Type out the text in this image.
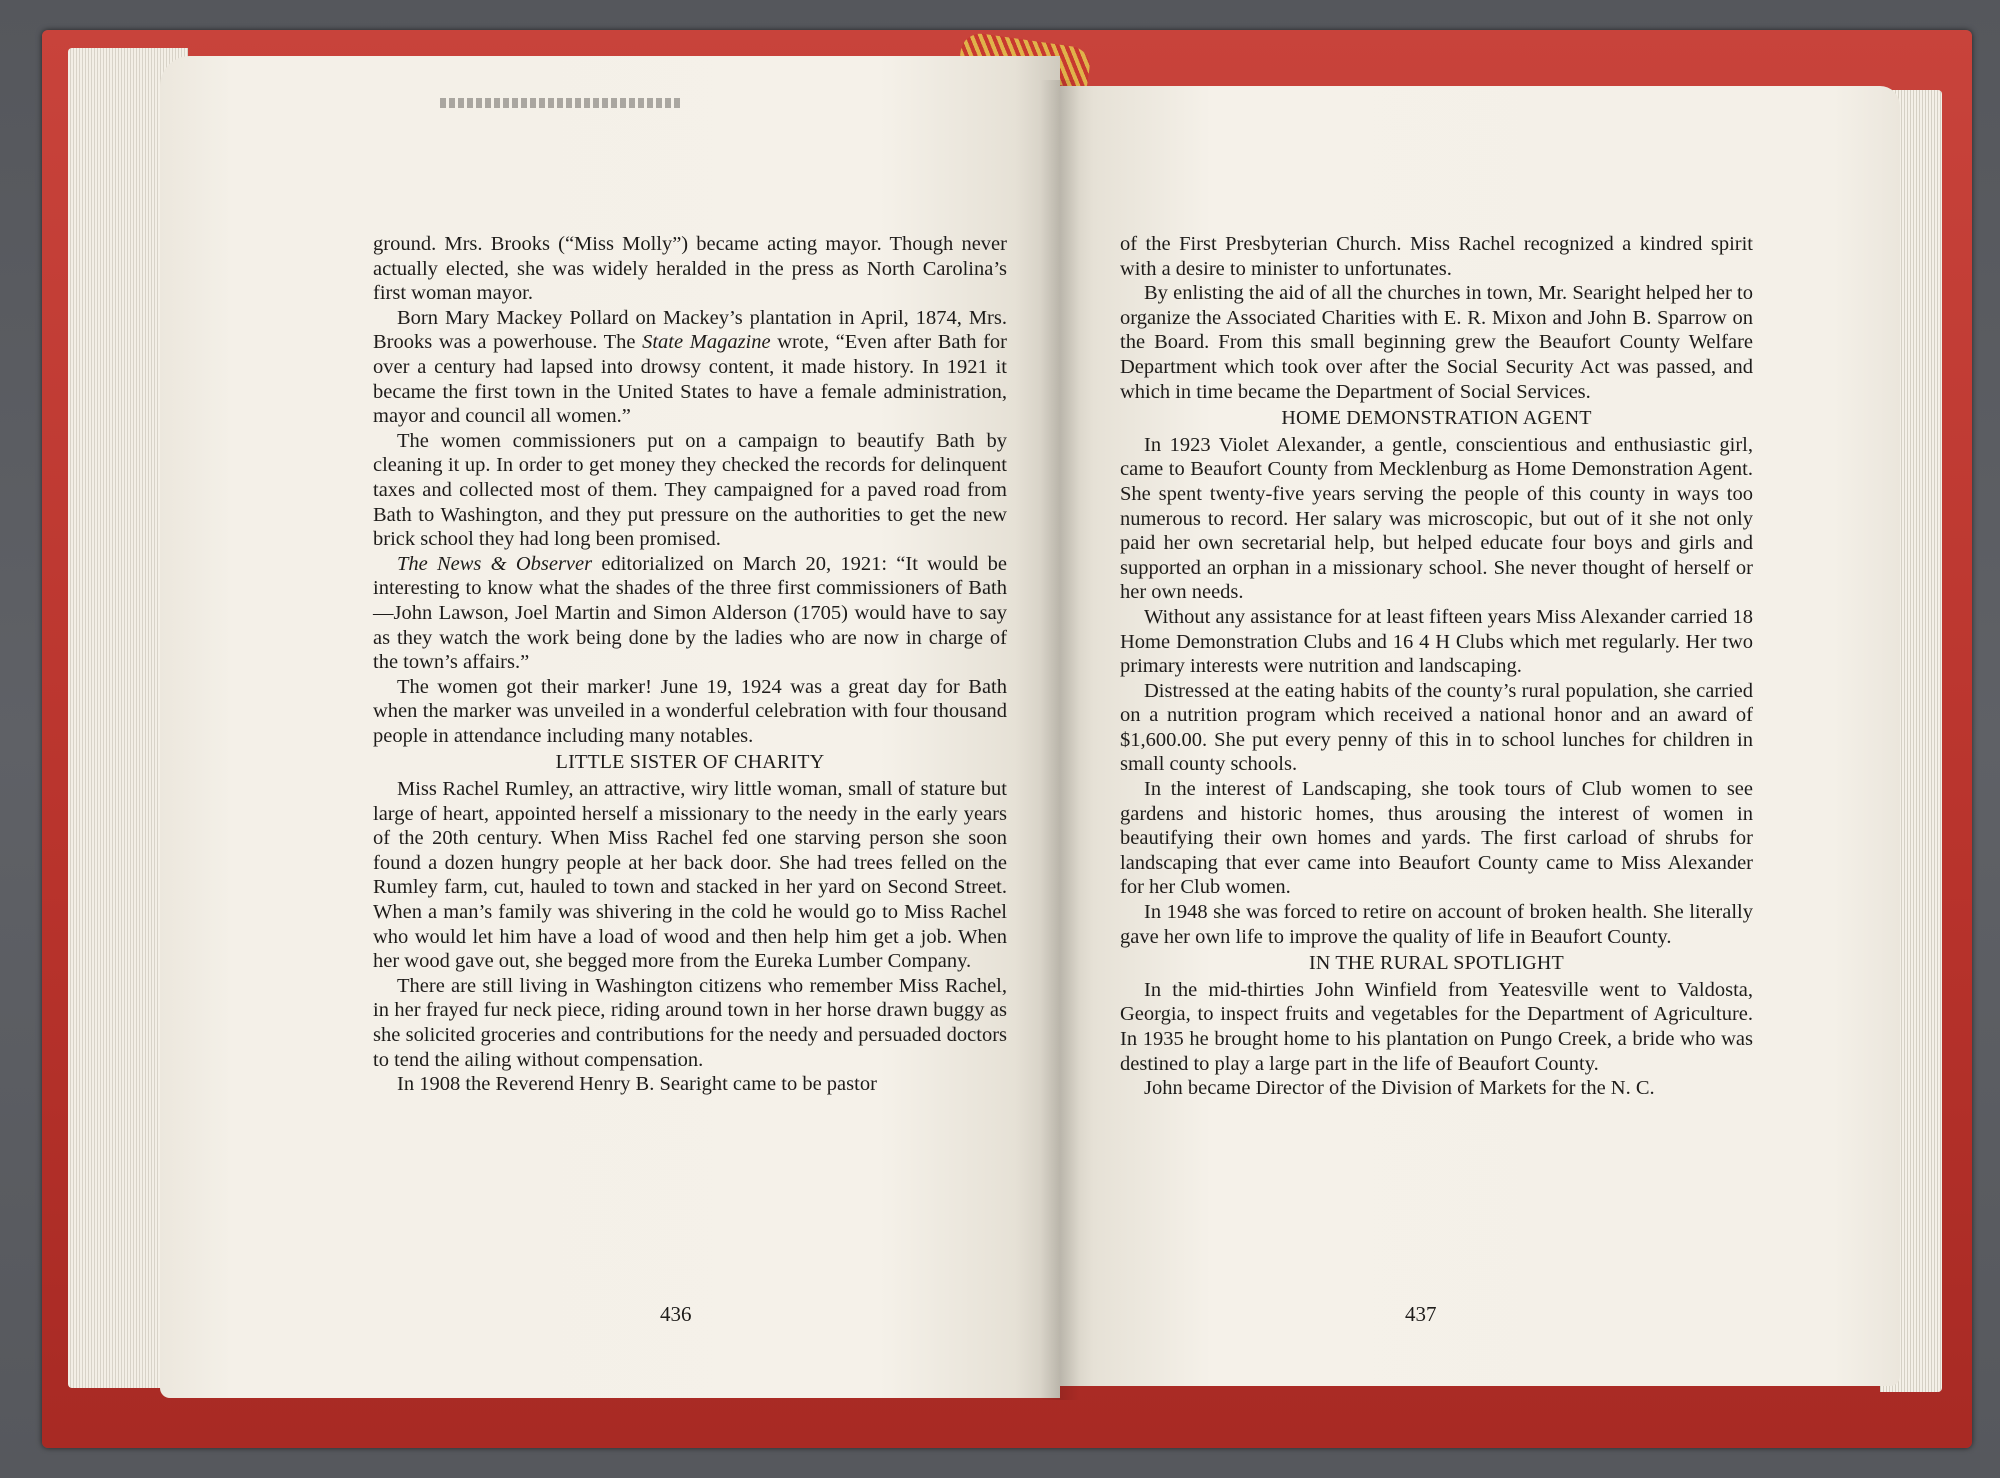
ground. Mrs. Brooks (“Miss Molly”) became acting mayor. Though never actually elected, she was widely heralded in the press as North Carolina’s first woman mayor.

Born Mary Mackey Pollard on Mackey’s plantation in April, 1874, Mrs. Brooks was a powerhouse. The State Magazine wrote, “Even after Bath for over a century had lapsed into drowsy content, it made history. In 1921 it became the first town in the United States to have a female administration, mayor and council all women.”

The women commissioners put on a campaign to beautify Bath by cleaning it up. In order to get money they checked the records for delinquent taxes and collected most of them. They campaigned for a paved road from Bath to Washington, and they put pressure on the authorities to get the new brick school they had long been promised.

The News & Observer editorialized on March 20, 1921: “It would be interesting to know what the shades of the three first commissioners of Bath—John Lawson, Joel Martin and Simon Alderson (1705) would have to say as they watch the work being done by the ladies who are now in charge of the town’s affairs.”

The women got their marker! June 19, 1924 was a great day for Bath when the marker was unveiled in a wonderful celebration with four thousand people in attendance including many notables.

LITTLE SISTER OF CHARITY

Miss Rachel Rumley, an attractive, wiry little woman, small of stature but large of heart, appointed herself a missionary to the needy in the early years of the 20th century. When Miss Rachel fed one starving person she soon found a dozen hungry people at her back door. She had trees felled on the Rumley farm, cut, hauled to town and stacked in her yard on Second Street. When a man’s family was shivering in the cold he would go to Miss Rachel who would let him have a load of wood and then help him get a job. When her wood gave out, she begged more from the Eureka Lumber Company.

There are still living in Washington citizens who remember Miss Rachel, in her frayed fur neck piece, riding around town in her horse drawn buggy as she solicited groceries and contributions for the needy and persuaded doctors to tend the ailing without compensation.

In 1908 the Reverend Henry B. Searight came to be pastor

of the First Presbyterian Church. Miss Rachel recognized a kindred spirit with a desire to minister to unfortunates.

By enlisting the aid of all the churches in town, Mr. Searight helped her to organize the Associated Charities with E. R. Mixon and John B. Sparrow on the Board. From this small beginning grew the Beaufort County Welfare Department which took over after the Social Security Act was passed, and which in time became the Department of Social Services.

HOME DEMONSTRATION AGENT

In 1923 Violet Alexander, a gentle, conscientious and enthusiastic girl, came to Beaufort County from Mecklenburg as Home Demonstration Agent. She spent twenty-five years serving the people of this county in ways too numerous to record. Her salary was microscopic, but out of it she not only paid her own secretarial help, but helped educate four boys and girls and supported an orphan in a missionary school. She never thought of herself or her own needs.

Without any assistance for at least fifteen years Miss Alexander carried 18 Home Demonstration Clubs and 16 4 H Clubs which met regularly. Her two primary interests were nutrition and landscaping.

Distressed at the eating habits of the county’s rural population, she carried on a nutrition program which received a national honor and an award of $1,600.00. She put every penny of this in to school lunches for children in small county schools.

In the interest of Landscaping, she took tours of Club women to see gardens and historic homes, thus arousing the interest of women in beautifying their own homes and yards. The first carload of shrubs for landscaping that ever came into Beaufort County came to Miss Alexander for her Club women.

In 1948 she was forced to retire on account of broken health. She literally gave her own life to improve the quality of life in Beaufort County.

IN THE RURAL SPOTLIGHT

In the mid-thirties John Winfield from Yeatesville went to Valdosta, Georgia, to inspect fruits and vegetables for the Department of Agriculture. In 1935 he brought home to his plantation on Pungo Creek, a bride who was destined to play a large part in the life of Beaufort County.

John became Director of the Division of Markets for the N. C.

436	437
